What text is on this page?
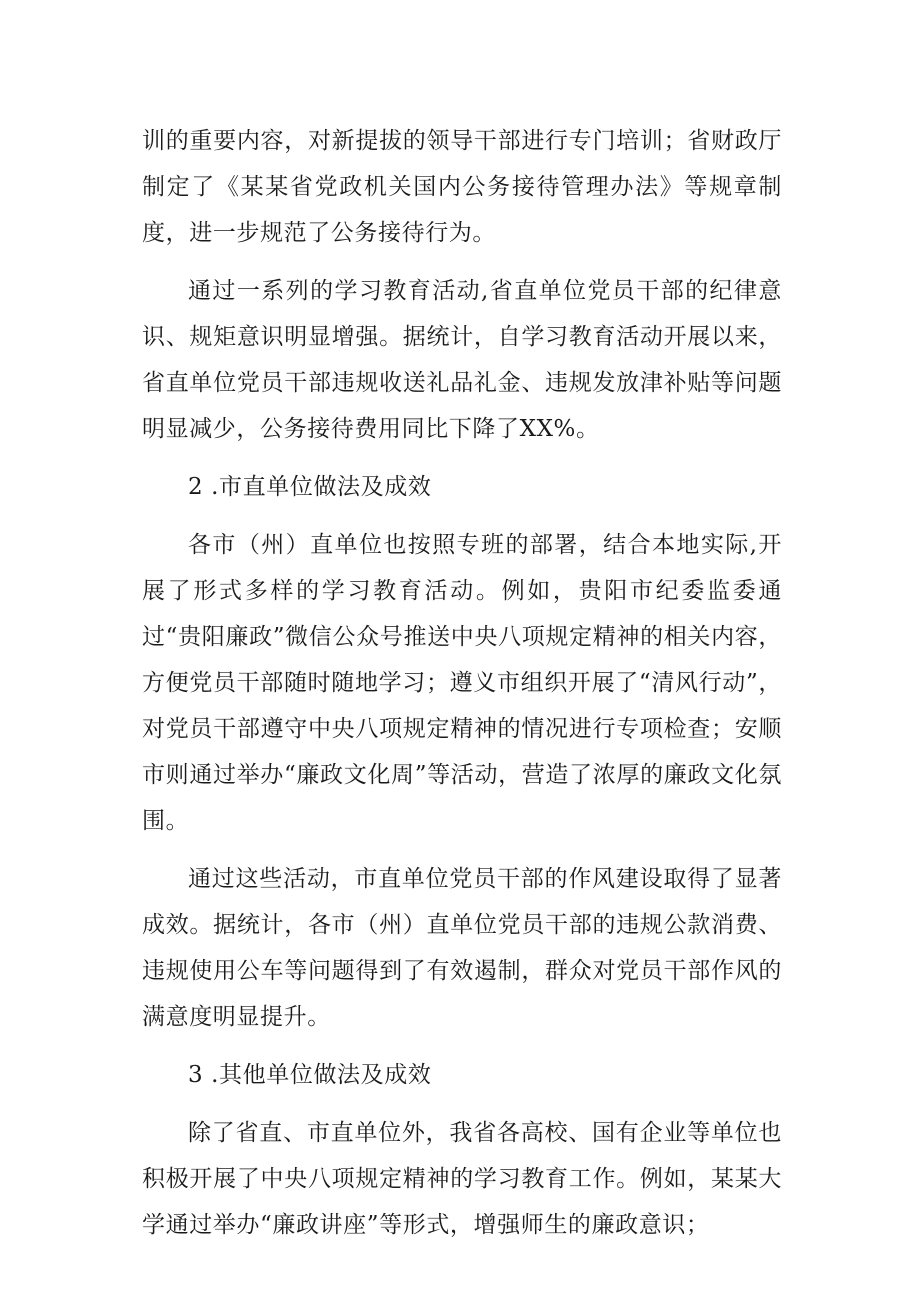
训的重要内容，对新提拔的领导干部进行专门培训；省财政厅制定了《某某省党政机关国内公务接待管理办法》等规章制度，进一步规范了公务接待行为。

通过一系列的学习教育活动,省直单位党员干部的纪律意识、规矩意识明显增强。据统计，自学习教育活动开展以来，省直单位党员干部违规收送礼品礼金、违规发放津补贴等问题明显减少，公务接待费用同比下降了XX%。

2 .市直单位做法及成效

各市（州）直单位也按照专班的部署，结合本地实际,开展了形式多样的学习教育活动。例如，贵阳市纪委监委通过“贵阳廉政”微信公众号推送中央八项规定精神的相关内容，方便党员干部随时随地学习；遵义市组织开展了“清风行动”，对党员干部遵守中央八项规定精神的情况进行专项检查；安顺市则通过举办“廉政文化周”等活动，营造了浓厚的廉政文化氛围。

通过这些活动，市直单位党员干部的作风建设取得了显著成效。据统计，各市（州）直单位党员干部的违规公款消费、违规使用公车等问题得到了有效遏制，群众对党员干部作风的满意度明显提升。

3 .其他单位做法及成效

除了省直、市直单位外，我省各高校、国有企业等单位也积极开展了中央八项规定精神的学习教育工作。例如，某某大学通过举办“廉政讲座”等形式，增强师生的廉政意识；
